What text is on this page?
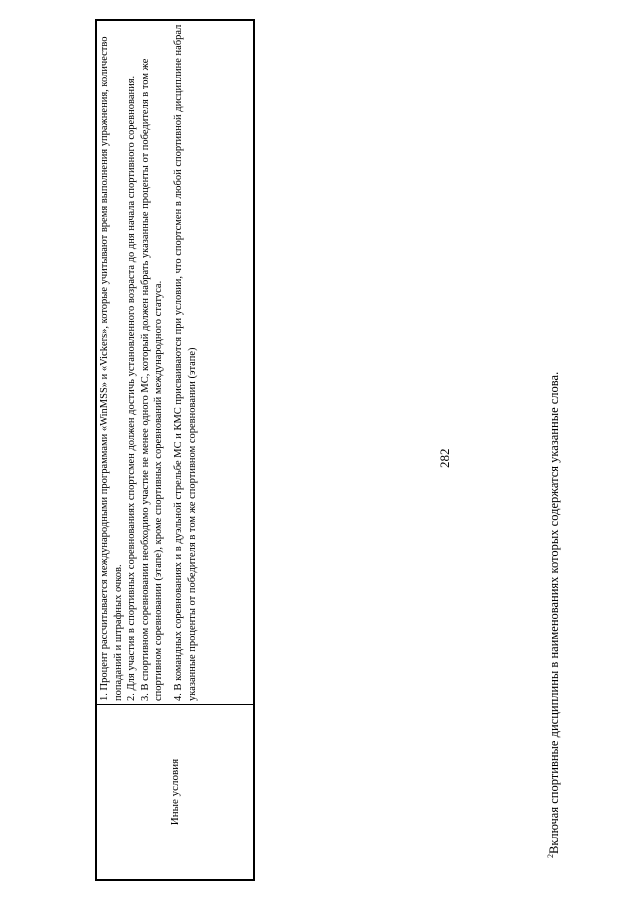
282
Иные условия

1. Процент рассчитывается международными программами «WinMSS» и «Vickers», которые учитывают время выполнения упражнения, количество попаданий и штрафных очков. 2. Для участия в спортивных соревнованиях спортсмен должен достичь установленного возраста до дня начала спортивного соревнования. 3. В спортивном соревновании необходимо участие не менее одного МС, который должен набрать указанные проценты от победителя в том же спортивном соревновании (этапе), кроме спортивных соревнований международного статуса. 4. В командных соревнованиях и в дуэльной стрельбе МС и КМС присваиваются при условии, что спортсмен в любой спортивной дисциплине набрал указанные проценты от победителя в том же спортивном соревновании (этапе)

$^2$Включая спортивные дисциплины в наименованиях которых содержатся указанные слова.
